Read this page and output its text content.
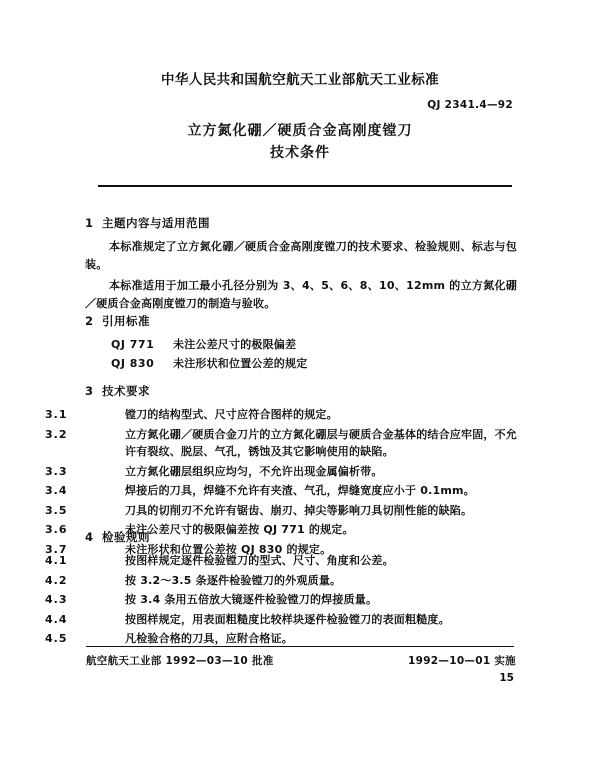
中华人民共和国航空航天工业部航天工业标准
QJ 2341.4—92
立方氮化硼／硬质合金高刚度镗刀
技术条件
1 主题内容与适用范围

本标准规定了立方氮化硼／硬质合金高刚度镗刀的技术要求、检验规则、标志与包装。

本标准适用于加工最小孔径分别为 3、4、5、6、8、10、12mm 的立方氮化硼／硬质合金高刚度镗刀的制造与验收。

2 引用标准

QJ 771 未注公差尺寸的极限偏差

QJ 830 未注形状和位置公差的规定

3 技术要求

3.1	镗刀的结构型式、尺寸应符合图样的规定。

3.2	立方氮化硼／硬质合金刀片的立方氮化硼层与硬质合金基体的结合应牢固，不允许有裂纹、脱层、气孔，锈蚀及其它影响使用的缺陷。

3.3	立方氮化硼层组织应均匀，不允许出现金属偏析带。

3.4	焊接后的刀具，焊缝不允许有夹渣、气孔，焊缝宽度应小于 0.1mm。

3.5	刀具的切削刃不允许有锯齿、崩刃、掉尖等影响刀具切削性能的缺陷。

3.6	未注公差尺寸的极限偏差按 QJ 771 的规定。

3.7	未注形状和位置公差按 QJ 830 的规定。

4 检验规则

4.1	按图样规定逐件检验镗刀的型式、尺寸、角度和公差。

4.2	按 3.2～3.5 条逐件检验镗刀的外观质量。

4.3	按 3.4 条用五倍放大镜逐件检验镗刀的焊接质量。

4.4	按图样规定，用表面粗糙度比较样块逐件检验镗刀的表面粗糙度。

4.5	凡检验合格的刀具，应附合格证。

航空航天工业部 1992—03—10 批准	1992—10—01 实施
15
